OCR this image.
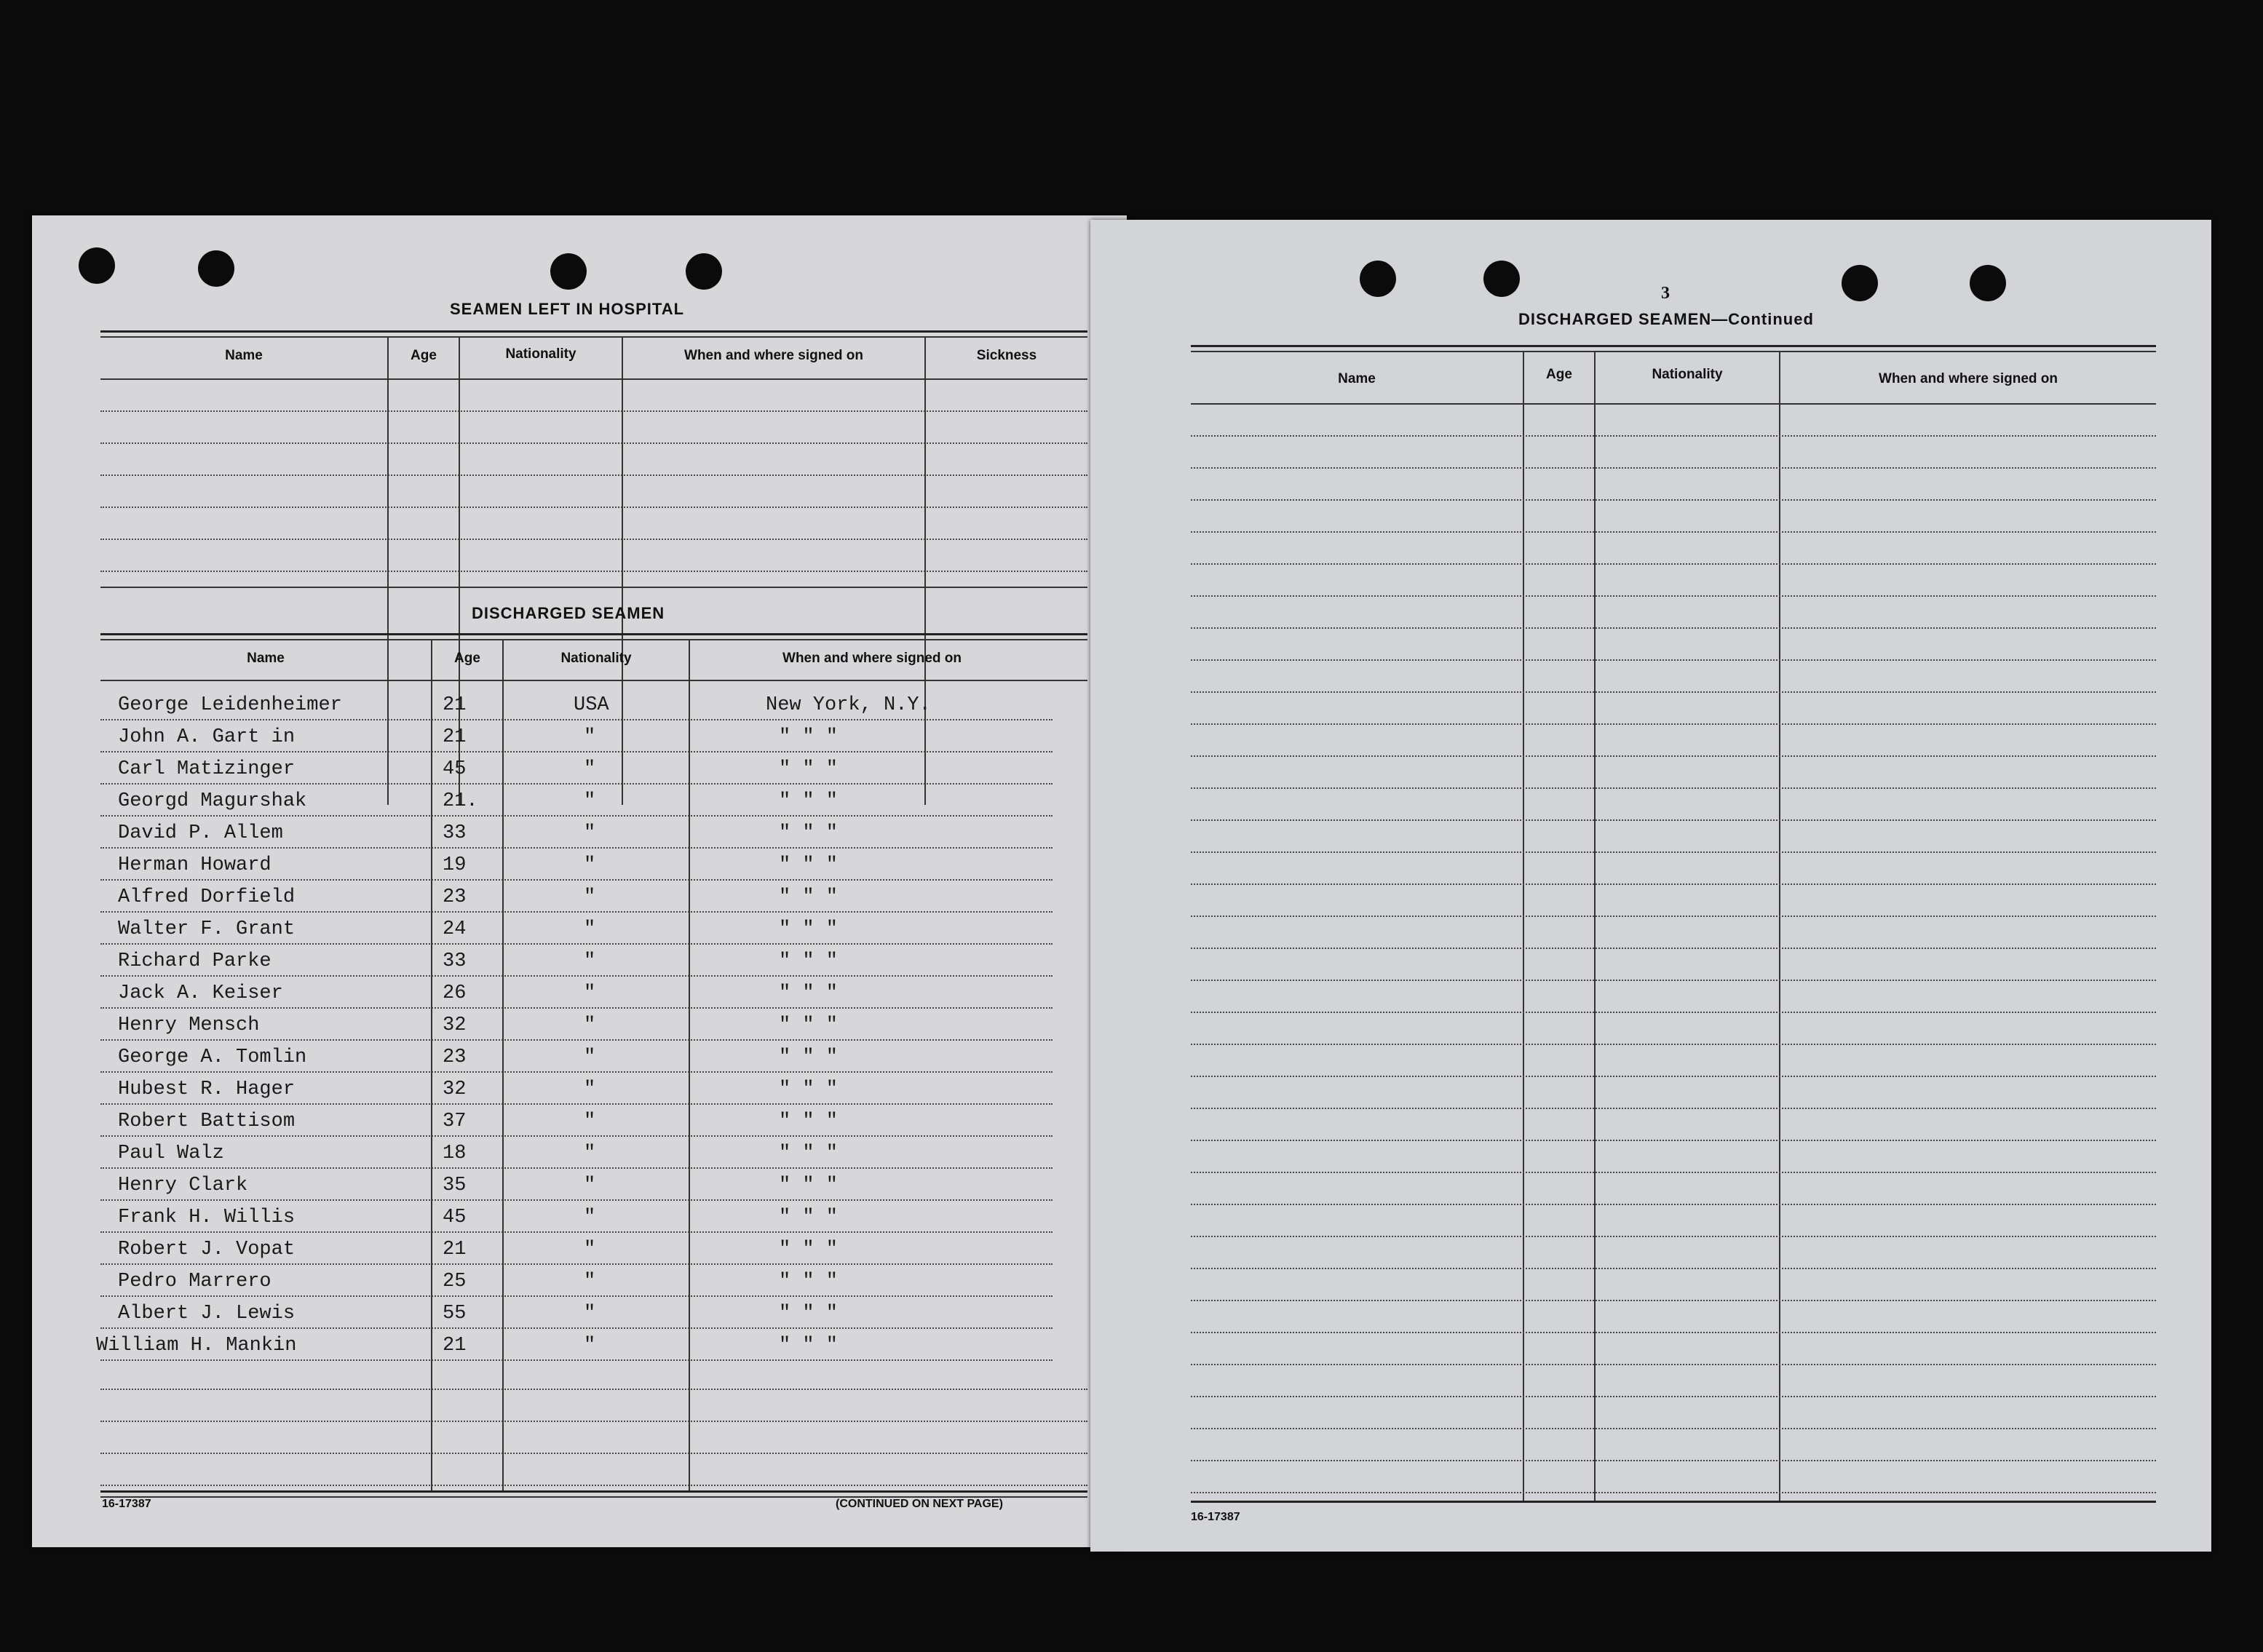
SEAMEN LEFT IN HOSPITAL
Name	Age	Nationality	When and where signed on	Sickness
DISCHARGED SEAMEN
Name	Age	Nationality	When and where signed on
George Leidenheimer	21	USA	New York, N.Y.
John A. Gart in	21	"	" " "
Carl Matizinger	45	"	" " "
Georgd Magurshak	21.	"	" " "
David P. Allem	33	"	" " "
Herman Howard	19	"	" " "
Alfred Dorfield	23	"	" " "
Walter F. Grant	24	"	" " "
Richard Parke	33	"	" " "
Jack A. Keiser	26	"	" " "
Henry Mensch	32	"	" " "
George A. Tomlin	23	"	" " "
Hubest R. Hager	32	"	" " "
Robert Battisom	37	"	" " "
Paul Walz	18	"	" " "
Henry Clark	35	"	" " "
Frank H. Willis	45	"	" " "
Robert J. Vopat	21	"	" " "
Pedro Marrero	25	"	" " "
Albert J. Lewis	55	"	" " "
William H. Mankin	21	"	" " "
16-17387	(CONTINUED ON NEXT PAGE)
3
DISCHARGED SEAMEN—Continued
Name	Age	Nationality	When and where signed on
16-17387
